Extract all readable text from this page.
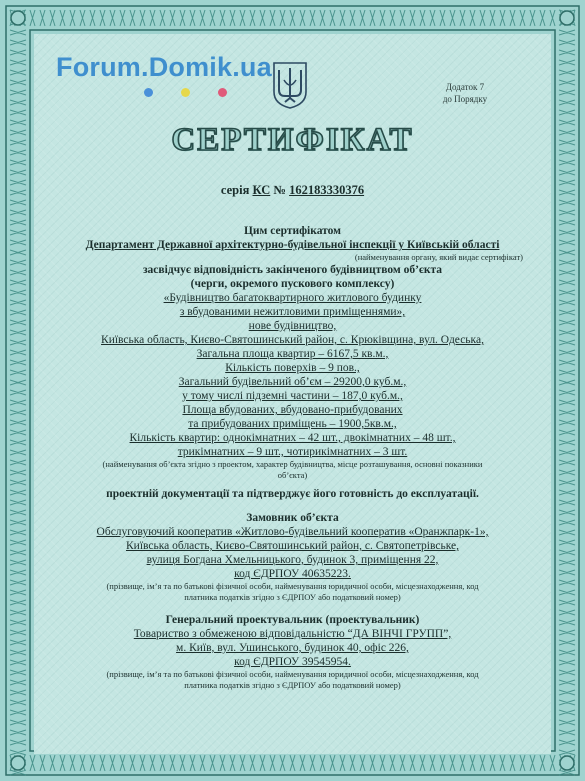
Forum.Domik.ua
Додаток 7
до Порядку
СЕРТИФІКАТ
серія КС № 162183330376
Цим сертифікатом
Департамент Державної архітектурно-будівельної інспекції у Київській області
(найменування органу, який видає сертифікат)
засвідчує відповідність закінченого будівництвом об’єкта
(черги, окремого пускового комплексу)
«Будівництво багатоквартирного житлового будинку
з вбудованими нежитловими приміщеннями»,
нове будівництво,
Київська область, Києво-Святошинський район, с. Крюківщина, вул. Одеська,
Загальна площа квартир – 6167,5 кв.м.,
Кількість поверхів – 9 пов.,
Загальний будівельний об’єм – 29200,0 куб.м.,
у тому числі підземні частини – 187,0 куб.м.,
Площа вбудованих, вбудовано-прибудованих
та прибудованих приміщень – 1900,5кв.м.,
Кількість квартир: однокімнатних – 42 шт., двокімнатних – 48 шт.,
трикімнатних – 9 шт., чотирикімнатних – 3 шт.
(найменування об’єкта згідно з проектом, характер будівництва, місце розташування, основні показники
об’єкта)
проектній документації та підтверджує його готовність до експлуатації.
Замовник об’єкта
Обслуговуючий кооператив «Житлово-будівельний кооператив «Оранжпарк-1»,
Київська область, Києво-Святошинський район, с. Святопетрівське,
вулиця Богдана Хмельницького, будинок 3, приміщення 22,
код ЄДРПОУ 40635223.
(прізвище, ім’я та по батькові фізичної особи, найменування юридичної особи, місцезнаходження, код
платника податків згідно з ЄДРПОУ або податковий номер)
Генеральний проектувальник (проектувальник)
Товариство з обмеженою відповідальністю “ДА ВІНЧІ ГРУПП”,
м. Київ, вул. Ушинського, будинок 40, офіс 226,
код ЄДРПОУ 39545954.
(прізвище, ім’я та по батькові фізичної особи, найменування юридичної особи, місцезнаходження, код
платника податків згідно з ЄДРПОУ або податковий номер)
